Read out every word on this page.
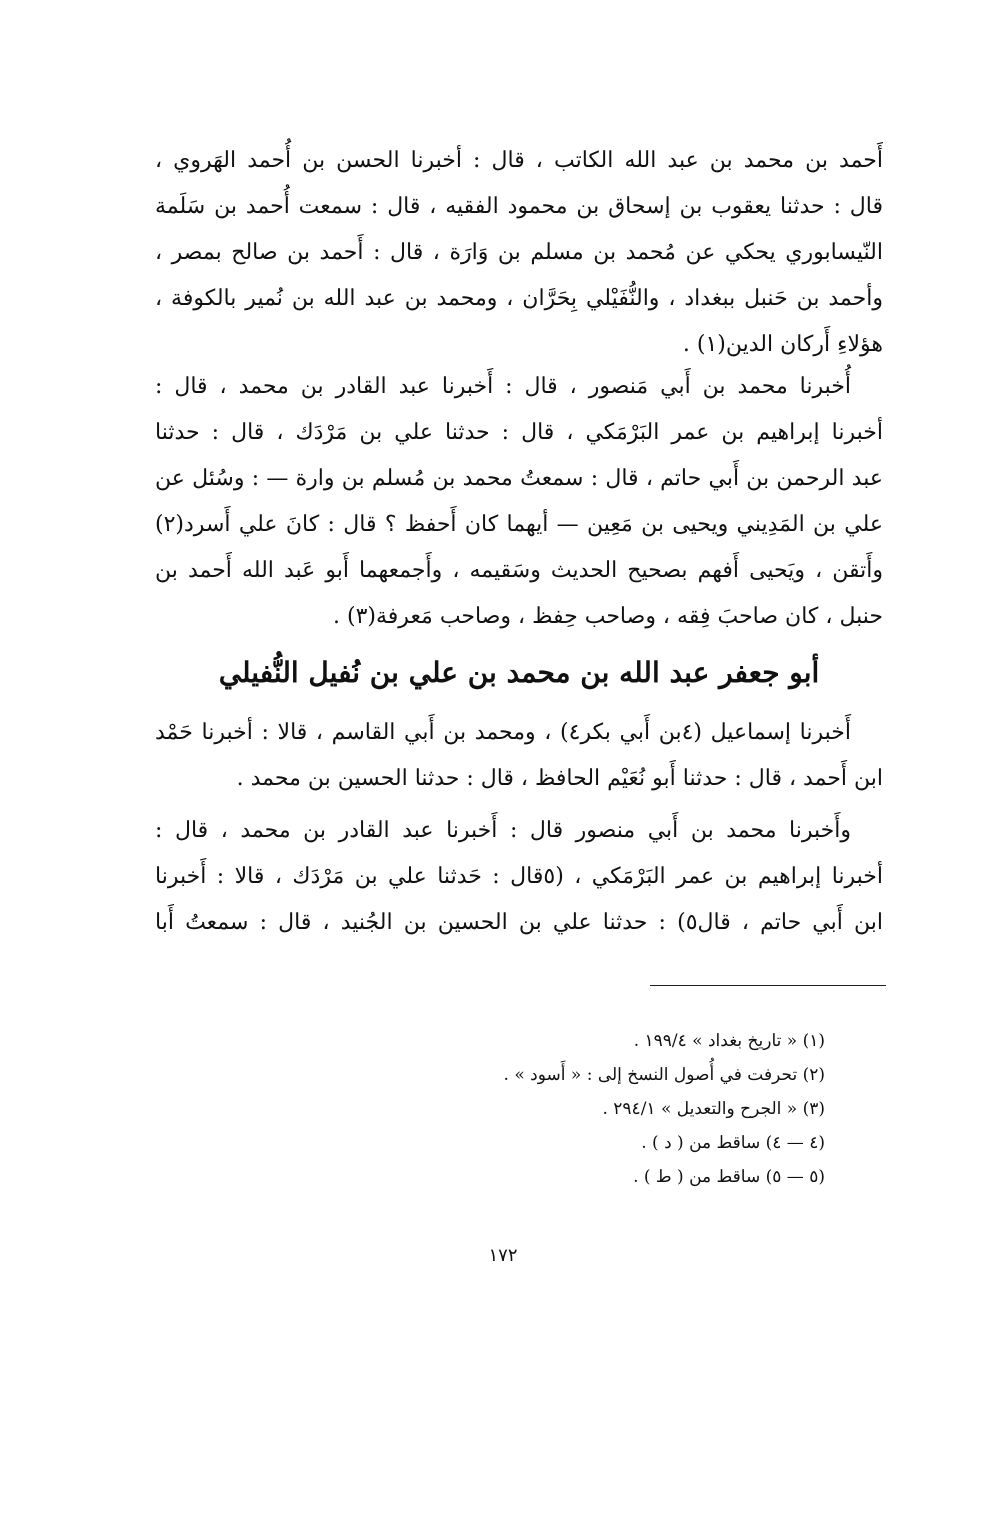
أَحمد بن محمد بن عبد الله الكاتب ، قال : أخبرنا الحسن بن أُحمد الهَروي ،
قال : حدثنا يعقوب بن إسحاق بن محمود الفقيه ، قال : سمعت أُحمد بن سَلَمة
النّيسابوري يحكي عن مُحمد بن مسلم بن وَارَة ، قال : أَحمد بن صالح بمصر ،
وأحمد بن حَنبل ببغداد ، والنُّفَيْلي بِحَرَّان ، ومحمد بن عبد الله بن نُمير بالكوفة ،
هؤلاءِ أَركان الدين(١) .
أُخبرنا محمد بن أَبي مَنصور ، قال : أَخبرنا عبد القادر بن محمد ، قال :
أخبرنا إبراهيم بن عمر البَرْمَكي ، قال : حدثنا علي بن مَرْدَك ، قال : حدثنا
عبد الرحمن بن أَبي حاتم ، قال : سمعتُ محمد بن مُسلم بن وارة — : وسُئل عن
علي بن المَدِيني ويحيى بن مَعِين — أيهما كان أَحفظ ؟ قال : كانَ علي أَسرد(٢)
وأَتقن ، ويَحيى أَفهم بصحيح الحديث وسَقيمه ، وأَجمعهما أَبو عَبد الله أَحمد بن
حنبل ، كان صاحبَ فِقه ، وصاحب حِفظ ، وصاحب مَعرفة(٣) .
أبو جعفر عبد الله بن محمد بن علي بن نُفيل النُّفيلي
أَخبرنا إسماعيل (٤بن أَبي بكر٤) ، ومحمد بن أَبي القاسم ، قالا : أخبرنا حَمْد
ابن أَحمد ، قال : حدثنا أَبو نُعَيْم الحافظ ، قال : حدثنا الحسين بن محمد .
وأَخبرنا محمد بن أَبي منصور قال : أَخبرنا عبد القادر بن محمد ، قال :
أخبرنا إبراهيم بن عمر البَرْمَكي ، (٥قال : حَدثنا علي بن مَرْدَك ، قالا : أَخبرنا
ابن أَبي حاتم ، قال٥) : حدثنا علي بن الحسين بن الجُنيد ، قال : سمعتُ أَبا
(١) « تاريخ بغداد » ١٩٩/٤ .
(٢) تحرفت في أُصول النسخ إلى : « أَسود » .
(٣) « الجرح والتعديل » ٢٩٤/١ .
(٤ — ٤) ساقط من ( د ) .
(٥ — ٥) ساقط من ( ط ) .
١٧٢
